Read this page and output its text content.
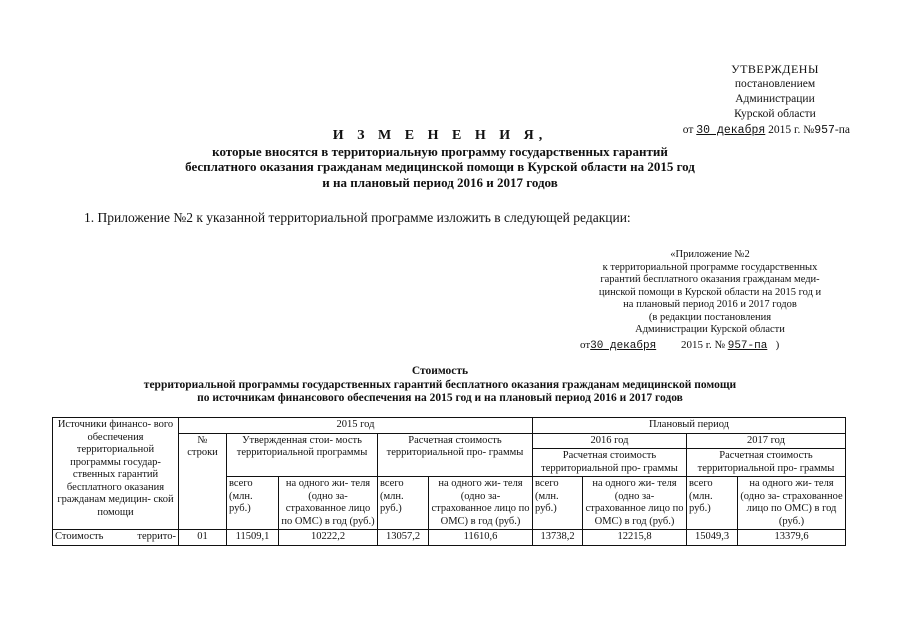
УТВЕРЖДЕНЫ
постановлением Администрации
Курской области
от 30 декабря 2015 г. №957-па
И З М Е Н Е Н И Я,
которые вносятся в территориальную программу государственных гарантий
бесплатного оказания гражданам медицинской помощи в Курской области на 2015 год
и на плановый период 2016 и 2017 годов
1. Приложение №2 к указанной территориальной программе изложить в следующей редакции:
«Приложение №2
к территориальной программе государственных
гарантий бесплатного оказания гражданам меди-
цинской помощи в Курской области на 2015 год и
на плановый период 2016 и 2017 годов
(в редакции постановления
Администрации Курской области
от30 декабря 2015 г. № 957-па )
Стоимость
территориальной программы государственных гарантий бесплатного оказания гражданам медицинской помощи
по источникам финансового обеспечения на 2015 год и на плановый период 2016 и 2017 годов
Источники финансо- вого обеспечения территориальной программы государ- ственных гарантий бесплатного оказания гражданам медицин- ской помощи	2015 год					Плановый период			
	№ строки	Утвержденная стои- мость территориальной программы		Расчетная стоимость территориальной про- граммы		2016 год		2017 год	
						Расчетная стоимость территориальной про- граммы		Расчетная стоимость территориальной про- граммы	
		всего (млн. руб.)	на одного жи- теля (одно за- страхованное лицо по ОМС) в год (руб.)	всего (млн. руб.)	на одного жи- теля (одно за- страхованное лицо по ОМС) в год (руб.)	всего (млн. руб.)	на одного жи- теля (одно за- страхованное лицо по ОМС) в год (руб.)	всего (млн. руб.)	на одного жи- теля (одно за- страхованное лицо по ОМС) в год (руб.)
Стоимость террито-	01	11509,1	10222,2	13057,2	11610,6	13738,2	12215,8	15049,3	13379,6
